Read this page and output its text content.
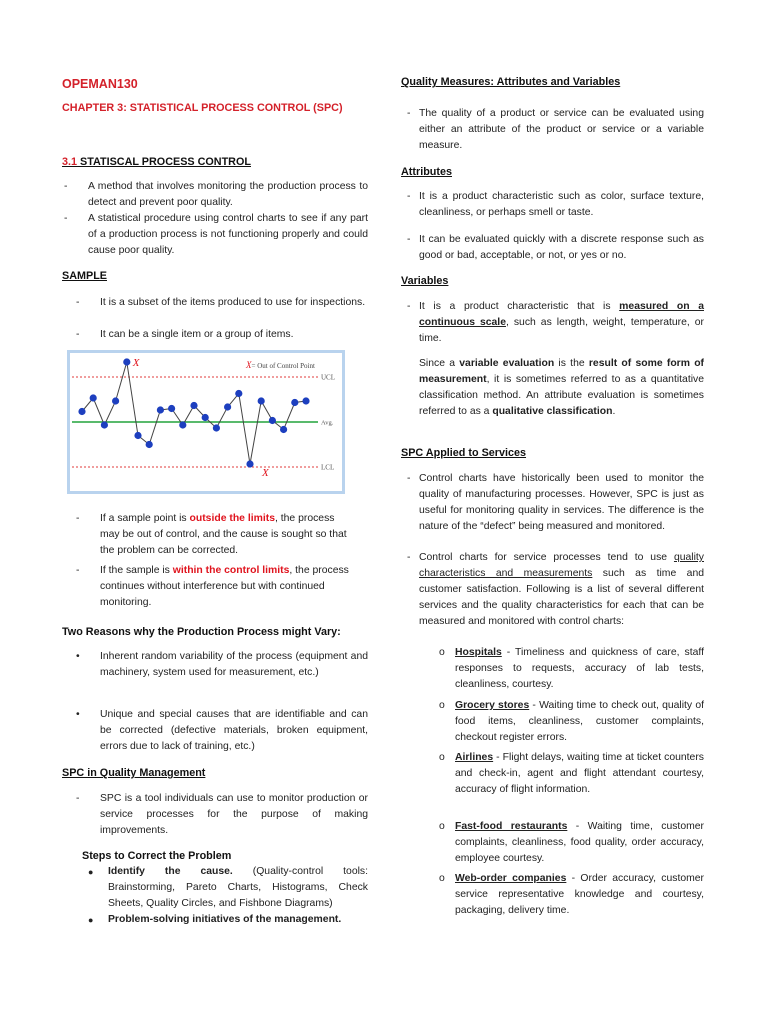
OPEMAN130
CHAPTER 3: STATISTICAL PROCESS CONTROL (SPC)
3.1 STATISCAL PROCESS CONTROL
- A method that involves monitoring the production process to detect and prevent poor quality.
- A statistical procedure using control charts to see if any part of a production process is not functioning properly and could cause poor quality.
SAMPLE
- It is a subset of the items produced to use for inspections.
- It can be a single item or a group of items.
- If a sample point is outside the limits, the process may be out of control, and the cause is sought so that the problem can be corrected.
- If the sample is within the control limits, the process continues without interference but with continued monitoring.
Two Reasons why the Production Process might Vary:
• Inherent random variability of the process (equipment and machinery, system used for measurement, etc.)
• Unique and special causes that are identifiable and can be corrected (defective materials, broken equipment, errors due to lack of training, etc.)
SPC in Quality Management
- SPC is a tool individuals can use to monitor production or service processes for the purpose of making improvements.
Steps to Correct the Problem
● Identify the cause. (Quality-control tools: Brainstorming, Pareto Charts, Histograms, Check Sheets, Quality Circles, and Fishbone Diagrams)
● Problem-solving initiatives of the management.
UCL
Avg.
LCL
X= Out of Control Point
X
X
Quality Measures: Attributes and Variables
- The quality of a product or service can be evaluated using either an attribute of the product or service or a variable measure.
Attributes
- It is a product characteristic such as color, surface texture, cleanliness, or perhaps smell or taste.
- It can be evaluated quickly with a discrete response such as good or bad, acceptable, or not, or yes or no.
Variables
- It is a product characteristic that is measured on a continuous scale, such as length, weight, temperature, or time.
Since a variable evaluation is the result of some form of measurement, it is sometimes referred to as a quantitative classification method. An attribute evaluation is sometimes referred to as a qualitative classification.
SPC Applied to Services
- Control charts have historically been used to monitor the quality of manufacturing processes. However, SPC is just as useful for monitoring quality in services. The difference is the nature of the “defect” being measured and monitored.
- Control charts for service processes tend to use quality characteristics and measurements such as time and customer satisfaction. Following is a list of several different services and the quality characteristics for each that can be measured and monitored with control charts:
o Hospitals - Timeliness and quickness of care, staff responses to requests, accuracy of lab tests, cleanliness, courtesy.
o Grocery stores - Waiting time to check out, quality of food items, cleanliness, customer complaints, checkout register errors.
o Airlines - Flight delays, waiting time at ticket counters and check-in, agent and flight attendant courtesy, accuracy of flight information.
o Fast-food restaurants - Waiting time, customer complaints, cleanliness, food quality, order accuracy, employee courtesy.
o Web-order companies - Order accuracy, customer service representative knowledge and courtesy, packaging, delivery time.
